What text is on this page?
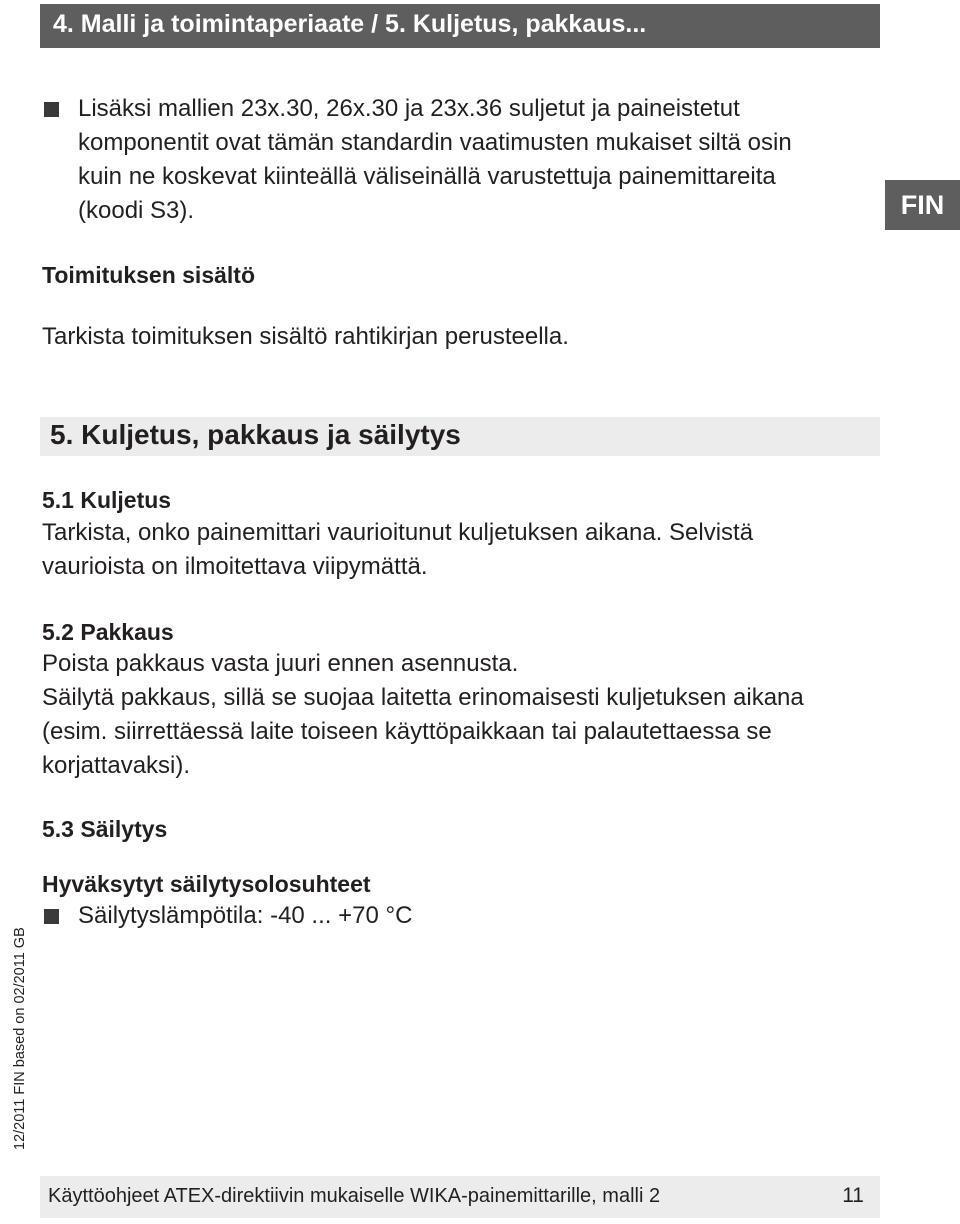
4. Malli ja toimintaperiaate / 5. Kuljetus, pakkaus...
FIN

Lisäksi mallien 23x.30, 26x.30 ja 23x.36 suljetut ja paineistetut

komponentit ovat tämän standardin vaatimusten mukaiset siltä osin

kuin ne koskevat kiinteällä väliseinällä varustettuja painemittareita

(koodi S3).

Toimituksen sisältö
Tarkista toimituksen sisältö rahtikirjan perusteella.
5. Kuljetus, pakkaus ja säilytys
5.1 Kuljetus

Tarkista, onko painemittari vaurioitunut kuljetuksen aikana. Selvistä

vaurioista on ilmoitettava viipymättä.

5.2 Pakkaus

Poista pakkaus vasta juuri ennen asennusta.

Säilytä pakkaus, sillä se suojaa laitetta erinomaisesti kuljetuksen aikana

(esim. siirrettäessä laite toiseen käyttöpaikkaan tai palautettaessa se

korjattavaksi).

5.3 Säilytys
Hyväksytyt säilytysolosuhteet
Säilytyslämpötila: -40 ... +70 °C
12/2011 FIN based on 02/2011 GB
Käyttöohjeet ATEX-direktiivin mukaiselle WIKA-painemittarille, malli 2	11
